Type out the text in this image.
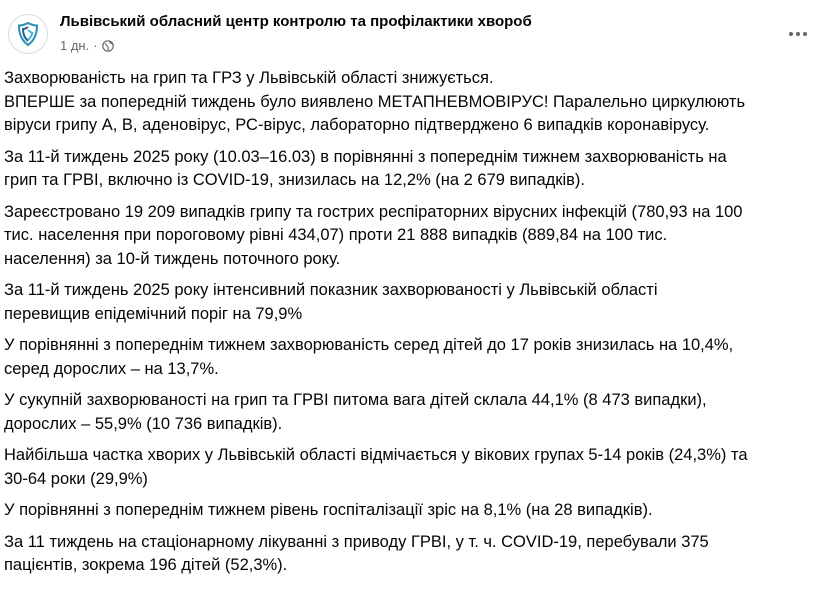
Львівський обласний центр контролю та профілактики хвороб
1 дн. ·
Захворюваність на грип та ГРЗ у Львівській області знижується.
ВПЕРШЕ за попередній тиждень було виявлено МЕТАПНЕВМОВІРУС! Паралельно циркулюють
віруси грипу А, В, аденовірус, РС-вірус, лабораторно підтверджено 6 випадків коронавірусу.
За 11-й тиждень 2025 року (10.03–16.03) в порівнянні з попереднім тижнем захворюваність на
грип та ГРВІ, включно із COVID-19, знизилась на 12,2% (на 2 679 випадків).
Зареєстровано 19 209 випадків грипу та гострих респіраторних вірусних інфекцій (780,93 на 100
тис. населення при пороговому рівні 434,07) проти 21 888 випадків (889,84 на 100 тис.
населення) за 10-й тиждень поточного року.
За 11-й тиждень 2025 року інтенсивний показник захворюваності у Львівській області
перевищив епідемічний поріг на 79,9%
У порівнянні з попереднім тижнем захворюваність серед дітей до 17 років знизилась на 10,4%,
серед дорослих – на 13,7%.
У сукупній захворюваності на грип та ГРВІ питома вага дітей склала 44,1% (8 473 випадки),
дорослих – 55,9% (10 736 випадків).
Найбільша частка хворих у Львівській області відмічається у вікових групах 5-14 років (24,3%) та
30-64 роки (29,9%)
У порівнянні з попереднім тижнем рівень госпіталізації зріс на 8,1% (на 28 випадків).
За 11 тиждень на стаціонарному лікуванні з приводу ГРВІ, у т. ч. COVID-19, перебували 375
пацієнтів, зокрема 196 дітей (52,3%).
